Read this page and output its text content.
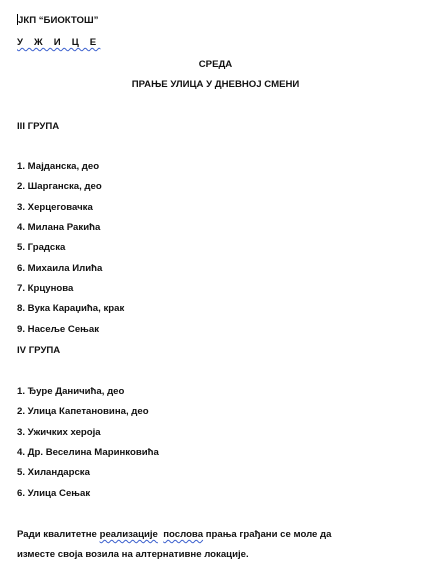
ЈКП “БИОКТОШ”
У Ж И Ц Е
СРЕДА
ПРАЊЕ УЛИЦА У ДНЕВНОЈ СМЕНИ
III ГРУПА
1. Мајданска, део
2. Шарганска, део
3. Херцеговачка
4. Милана Ракића
5. Градска
6. Михаила Илића
7. Крцунова
8. Вука Караџића, крак
9. Насеље Сењак
IV ГРУПА
1. Ђуре Даничића, део
2. Улица Капетановина, део
3. Ужичких хероја
4. Др. Веселина Маринковића
5. Хиландарска
6. Улица Сењак
Ради квалитетне реализације послова прања грађани се моле да
изместе своја возила на алтернативне локације.
